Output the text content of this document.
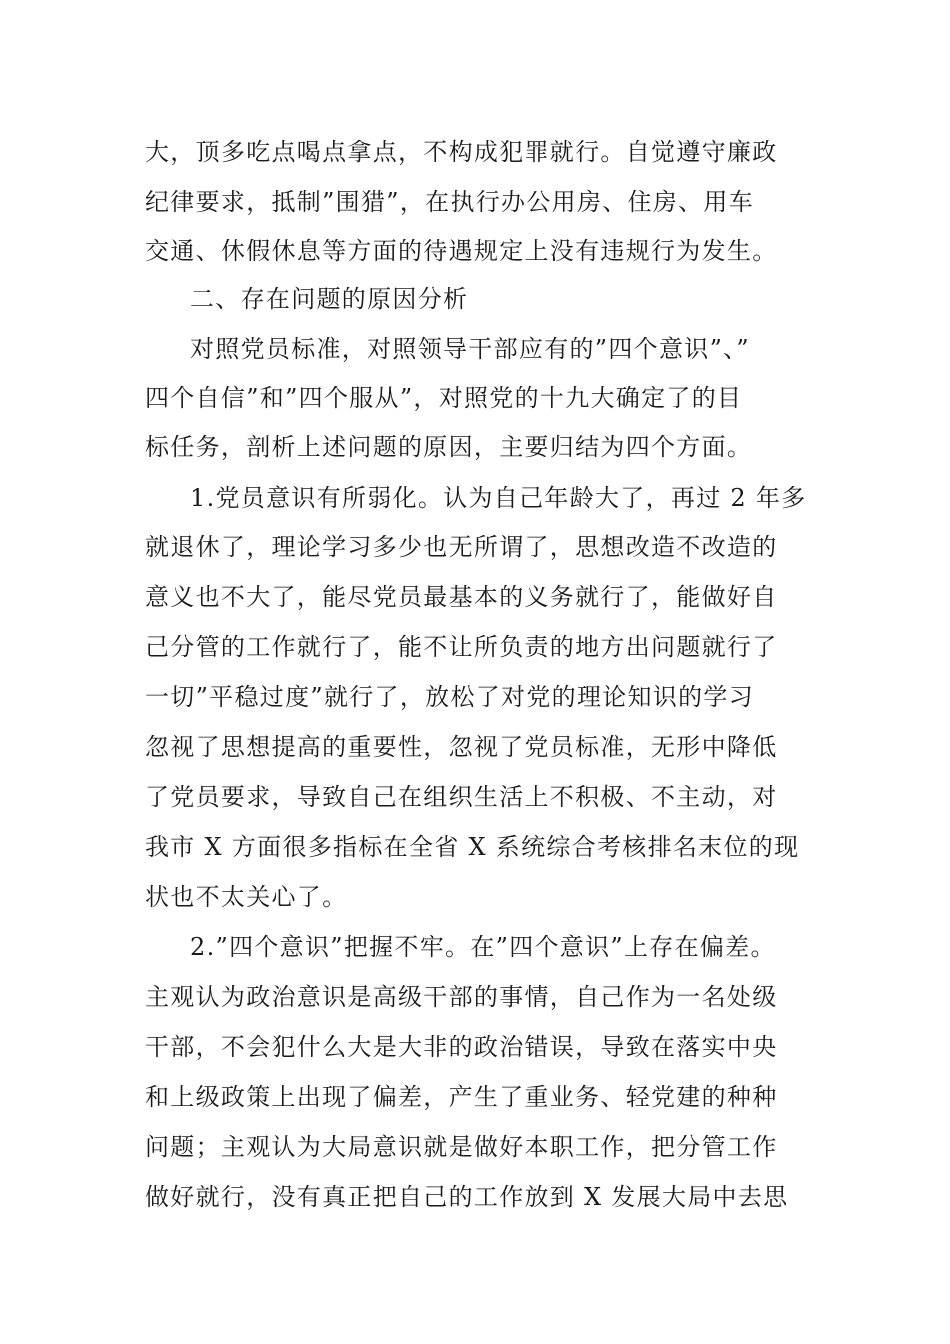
大，顶多吃点喝点拿点，不构成犯罪就行。自觉遵守廉政

纪律要求，抵制”围猎”，在执行办公用房、住房、用车

交通、休假休息等方面的待遇规定上没有违规行为发生。

二、存在问题的原因分析

对照党员标准，对照领导干部应有的”四个意识”、”

四个自信”和”四个服从”，对照党的十九大确定了的目

标任务，剖析上述问题的原因，主要归结为四个方面。

1.党员意识有所弱化。认为自己年龄大了，再过 2 年多

就退休了，理论学习多少也无所谓了，思想改造不改造的

意义也不大了，能尽党员最基本的义务就行了，能做好自

己分管的工作就行了，能不让所负责的地方出问题就行了

一切”平稳过度”就行了，放松了对党的理论知识的学习

忽视了思想提高的重要性，忽视了党员标准，无形中降低

了党员要求，导致自己在组织生活上不积极、不主动，对

我市 X 方面很多指标在全省 X 系统综合考核排名末位的现

状也不太关心了。

2.”四个意识”把握不牢。在”四个意识”上存在偏差。

主观认为政治意识是高级干部的事情，自己作为一名处级

干部，不会犯什么大是大非的政治错误，导致在落实中央

和上级政策上出现了偏差，产生了重业务、轻党建的种种

问题；主观认为大局意识就是做好本职工作，把分管工作

做好就行，没有真正把自己的工作放到 X 发展大局中去思
